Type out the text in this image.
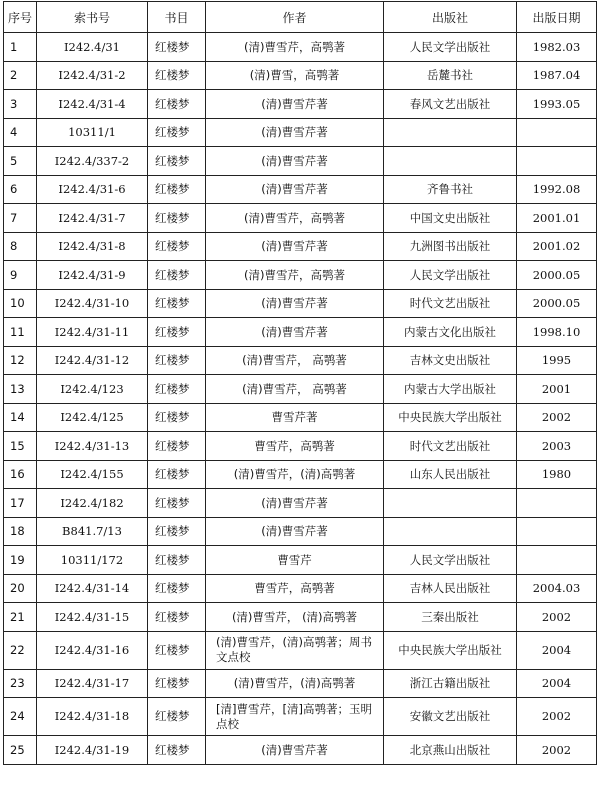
序号	索书号	书目	作者	出版社	出版日期
1	I242.4/31	红楼梦	(清)曹雪芹，高鹗著	人民文学出版社	1982.03
2	I242.4/31-2	红楼梦	(清)曹雪，高鹗著	岳麓书社	1987.04
3	I242.4/31-4	红楼梦	(清)曹雪芹著	春风文艺出版社	1993.05
4	10311/1	红楼梦	(清)曹雪芹著		
5	I242.4/337-2	红楼梦	(清)曹雪芹著		
6	I242.4/31-6	红楼梦	(清)曹雪芹著	齐鲁书社	1992.08
7	I242.4/31-7	红楼梦	(清)曹雪芹，高鹗著	中国文史出版社	2001.01
8	I242.4/31-8	红楼梦	(清)曹雪芹著	九洲图书出版社	2001.02
9	I242.4/31-9	红楼梦	(清)曹雪芹，高鹗著	人民文学出版社	2000.05
10	I242.4/31-10	红楼梦	(清)曹雪芹著	时代文艺出版社	2000.05
11	I242.4/31-11	红楼梦	(清)曹雪芹著	内蒙古文化出版社	1998.10
12	I242.4/31-12	红楼梦	(清)曹雪芹， 高鹗著	吉林文史出版社	1995
13	I242.4/123	红楼梦	(清)曹雪芹， 高鹗著	内蒙古大学出版社	2001
14	I242.4/125	红楼梦	曹雪芹著	中央民族大学出版社	2002
15	I242.4/31-13	红楼梦	曹雪芹，高鹗著	时代文艺出版社	2003
16	I242.4/155	红楼梦	(清)曹雪芹，(清)高鹗著	山东人民出版社	1980
17	I242.4/182	红楼梦	(清)曹雪芹著		
18	B841.7/13	红楼梦	(清)曹雪芹著		
19	10311/172	红楼梦	曹雪芹	人民文学出版社	
20	I242.4/31-14	红楼梦	曹雪芹，高鹗著	吉林人民出版社	2004.03
21	I242.4/31-15	红楼梦	(清)曹雪芹， (清)高鹗著	三秦出版社	2002
22	I242.4/31-16	红楼梦	(清)曹雪芹，(清)高鹗著；周书文点校	中央民族大学出版社	2004
23	I242.4/31-17	红楼梦	(清)曹雪芹，(清)高鹗著	浙江古籍出版社	2004
24	I242.4/31-18	红楼梦	[清]曹雪芹，[清]高鹗著；玉明点校	安徽文艺出版社	2002
25	I242.4/31-19	红楼梦	(清)曹雪芹著	北京燕山出版社	2002
